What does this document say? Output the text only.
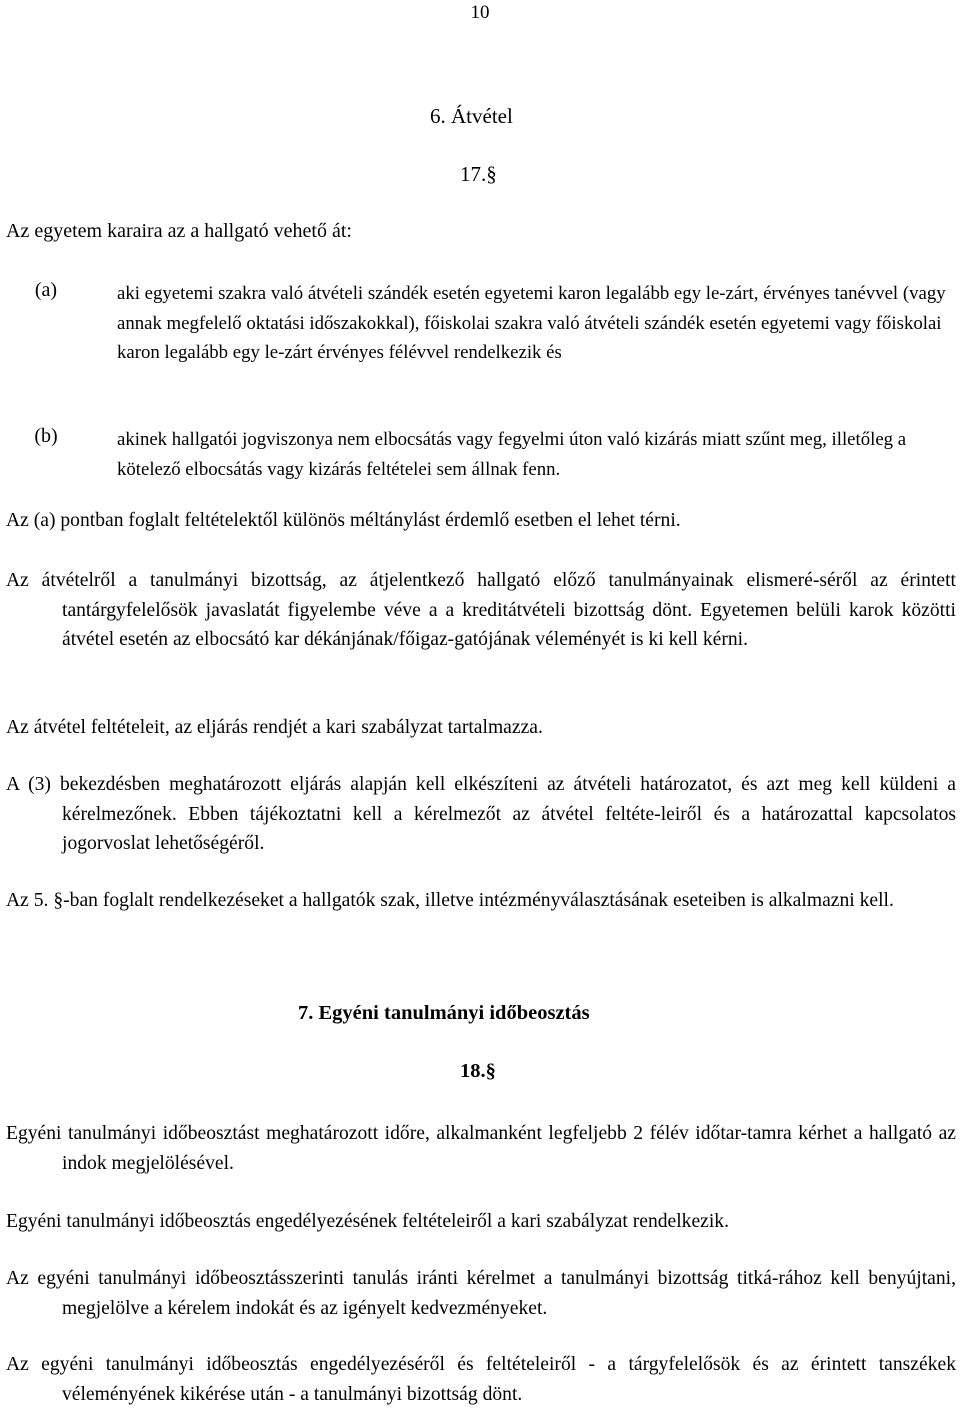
10
6. Átvétel
17.§

Az egyetem karaira az a hallgató vehető át:

(a)	aki egyetemi szakra való átvételi szándék esetén egyetemi karon legalább egy le-zárt, érvényes tanévvel (vagy annak megfelelő oktatási időszakokkal), főiskolai szakra való átvételi szándék esetén egyetemi vagy főiskolai karon legalább egy le-zárt érvényes félévvel rendelkezik és

(b)	akinek hallgatói jogviszonya nem elbocsátás vagy fegyelmi úton való kizárás miatt szűnt meg, illetőleg a kötelező elbocsátás vagy kizárás feltételei sem állnak fenn.

Az (a) pontban foglalt feltételektől különös méltánylást érdemlő esetben el lehet térni.

Az átvételről a tanulmányi bizottság, az átjelentkező hallgató előző tanulmányainak elismeré-séről az érintett tantárgyfelelősök javaslatát figyelembe véve a a kreditátvételi bizottság dönt. Egyetemen belüli karok közötti átvétel esetén az elbocsátó kar dékánjának/főigaz-gatójának véleményét is ki kell kérni.

Az átvétel feltételeit, az eljárás rendjét a kari szabályzat tartalmazza.

A (3) bekezdésben meghatározott eljárás alapján kell elkészíteni az átvételi határozatot, és azt meg kell küldeni a kérelmezőnek. Ebben tájékoztatni kell a kérelmezőt az átvétel feltéte-leiről és a határozattal kapcsolatos jogorvoslat lehetőségéről.

Az 5. §-ban foglalt rendelkezéseket a hallgatók szak, illetve intézményválasztásának eseteiben is alkalmazni kell.

7. Egyéni tanulmányi időbeosztás
18.§

Egyéni tanulmányi időbeosztást meghatározott időre, alkalmanként legfeljebb 2 félév időtar-tamra kérhet a hallgató az indok megjelölésével.

Egyéni tanulmányi időbeosztás engedélyezésének feltételeiről a kari szabályzat rendelkezik.

Az egyéni tanulmányi időbeosztásszerinti tanulás iránti kérelmet a tanulmányi bizottság titká-rához kell benyújtani, megjelölve a kérelem indokát és az igényelt kedvezményeket.

Az egyéni tanulmányi időbeosztás engedélyezéséről és feltételeiről - a tárgyfelelősök és az érintett tanszékek véleményének kikérése után - a tanulmányi bizottság dönt.
